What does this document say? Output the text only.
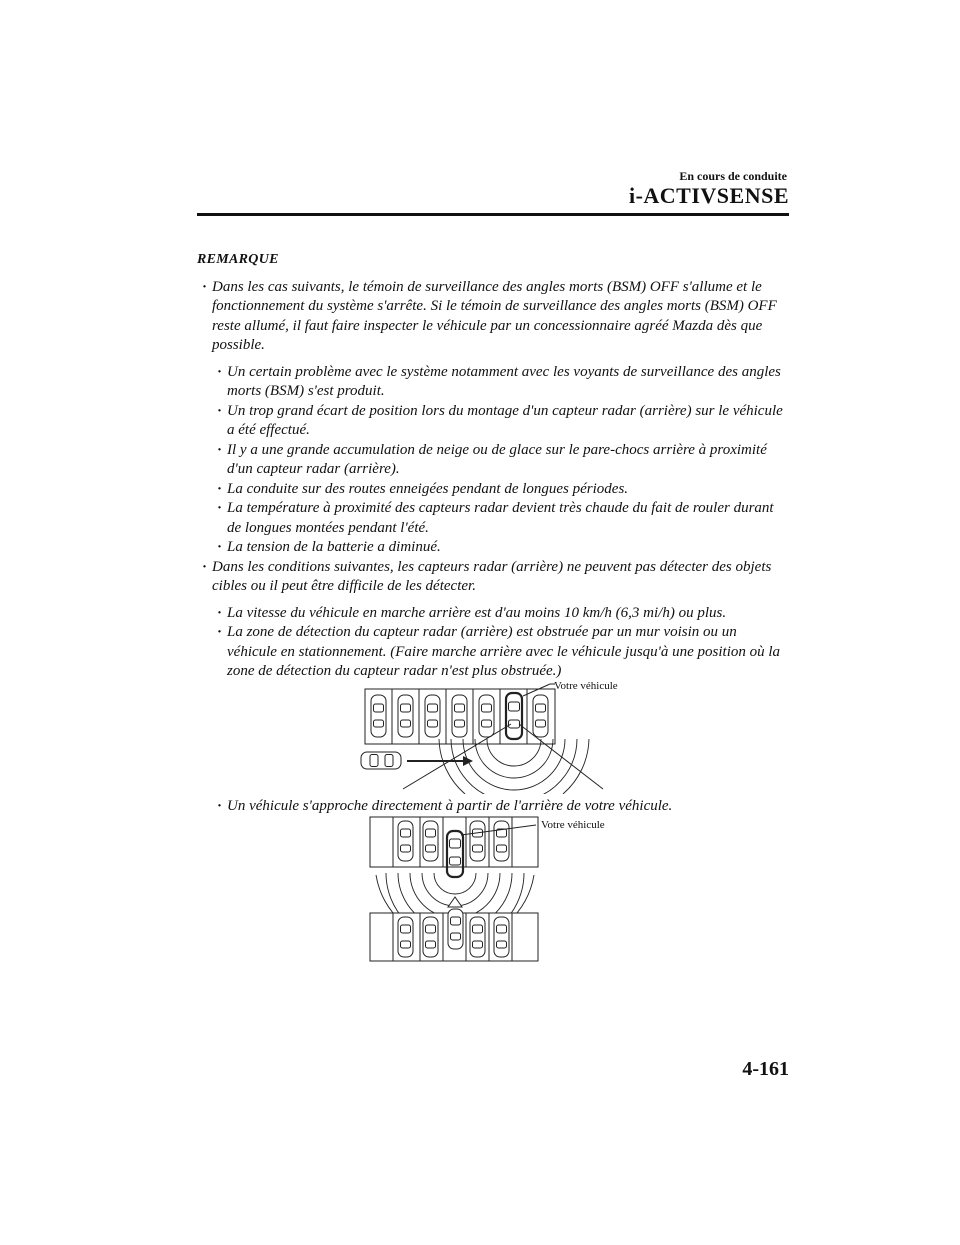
En cours de conduite
i-ACTIVSENSE
REMARQUE
· Dans les cas suivants, le témoin de surveillance des angles morts (BSM) OFF s'allume et le fonctionnement du système s'arrête. Si le témoin de surveillance des angles morts (BSM) OFF reste allumé, il faut faire inspecter le véhicule par un concessionnaire agréé Mazda dès que possible.
· Un certain problème avec le système notamment avec les voyants de surveillance des angles morts (BSM) s'est produit.
· Un trop grand écart de position lors du montage d'un capteur radar (arrière) sur le véhicule a été effectué.
· Il y a une grande accumulation de neige ou de glace sur le pare-chocs arrière à proximité d'un capteur radar (arrière).
· La conduite sur des routes enneigées pendant de longues périodes.
· La température à proximité des capteurs radar devient très chaude du fait de rouler durant de longues montées pendant l'été.
· La tension de la batterie a diminué.
· Dans les conditions suivantes, les capteurs radar (arrière) ne peuvent pas détecter des objets cibles ou il peut être difficile de les détecter.
· La vitesse du véhicule en marche arrière est d'au moins 10 km/h (6,3 mi/h) ou plus.
· La zone de détection du capteur radar (arrière) est obstruée par un mur voisin ou un véhicule en stationnement. (Faire marche arrière avec le véhicule jusqu'à une position où la zone de détection du capteur radar n'est plus obstruée.)
Votre véhicule
· Un véhicule s'approche directement à partir de l'arrière de votre véhicule.
Votre véhicule
4-161
